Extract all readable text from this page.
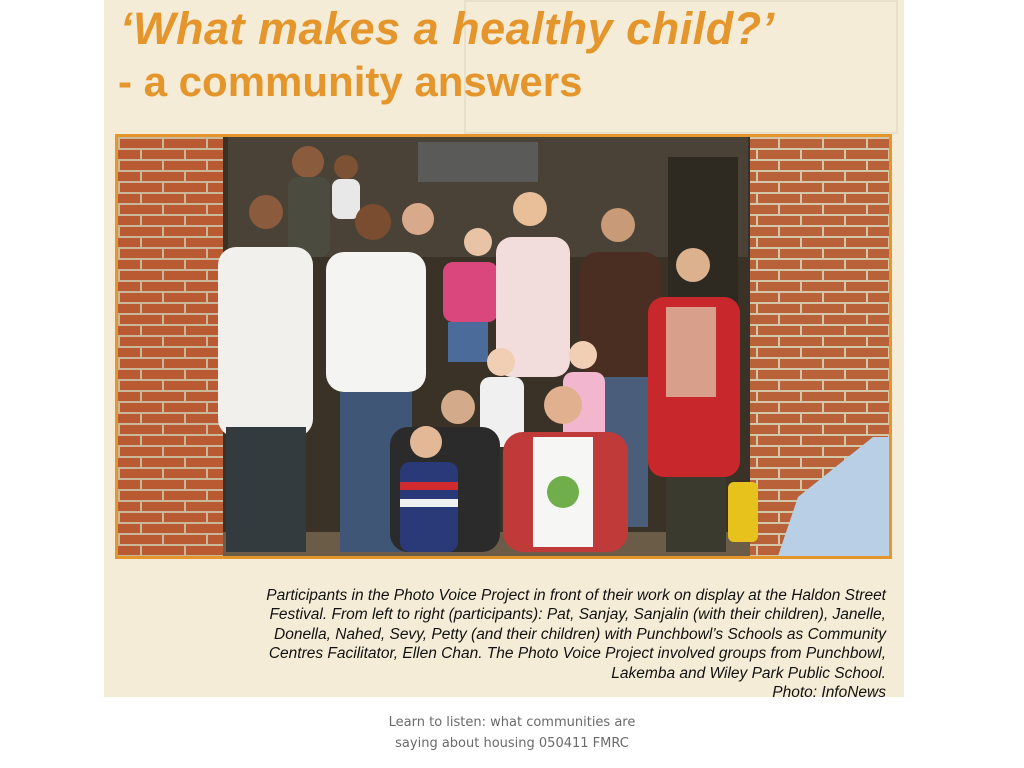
‘What makes a healthy child?’
- a community answers

Participants in the Photo Voice Project in front of their work on display at the Haldon Street Festival. From left to right (participants): Pat, Sanjay, Sanjalin (with their children), Janelle, Donella, Nahed, Sevy, Petty (and their children) with Punchbowl’s Schools as Community Centres Facilitator, Ellen Chan. The Photo Voice Project involved groups from Punchbowl, Lakemba and Wiley Park Public School.
Photo: InfoNews

Learn to listen: what communities are
saying about housing 050411 FMRC
